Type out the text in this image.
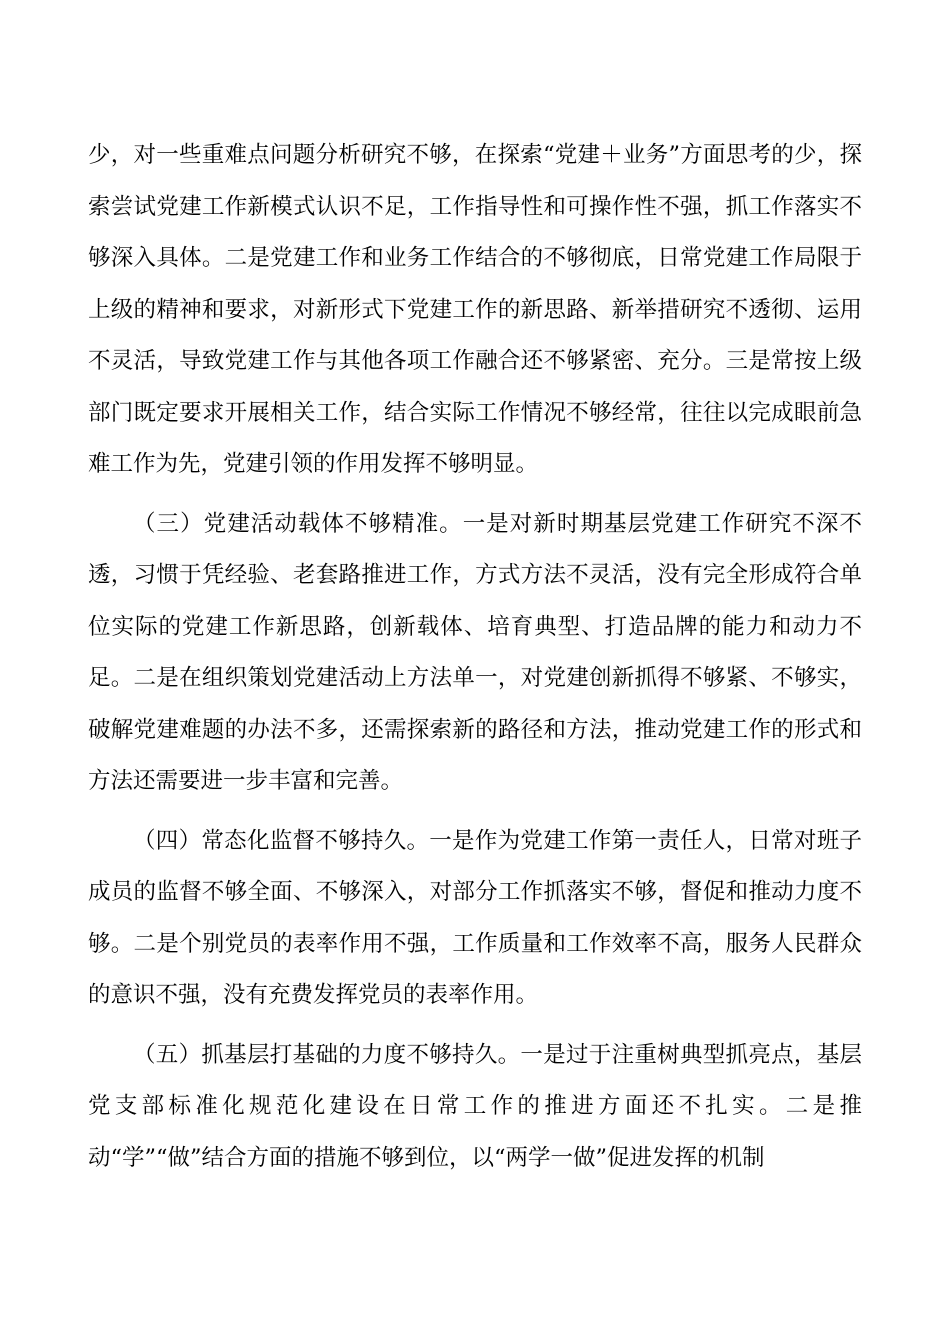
少，对一些重难点问题分析研究不够，在探索“党建＋业务”方面思考的少，探索尝试党建工作新模式认识不足，工作指导性和可操作性不强，抓工作落实不够深入具体。二是党建工作和业务工作结合的不够彻底，日常党建工作局限于上级的精神和要求，对新形式下党建工作的新思路、新举措研究不透彻、运用不灵活，导致党建工作与其他各项工作融合还不够紧密、充分。三是常按上级部门既定要求开展相关工作，结合实际工作情况不够经常，往往以完成眼前急难工作为先，党建引领的作用发挥不够明显。

（三）党建活动载体不够精准。一是对新时期基层党建工作研究不深不透，习惯于凭经验、老套路推进工作，方式方法不灵活，没有完全形成符合单位实际的党建工作新思路，创新载体、培育典型、打造品牌的能力和动力不足。二是在组织策划党建活动上方法单一，对党建创新抓得不够紧、不够实，破解党建难题的办法不多，还需探索新的路径和方法，推动党建工作的形式和方法还需要进一步丰富和完善。

（四）常态化监督不够持久。一是作为党建工作第一责任人，日常对班子成员的监督不够全面、不够深入，对部分工作抓落实不够，督促和推动力度不够。二是个别党员的表率作用不强，工作质量和工作效率不高，服务人民群众的意识不强，没有充费发挥党员的表率作用。

（五）抓基层打基础的力度不够持久。一是过于注重树典型抓亮点，基层党支部标准化规范化建设在日常工作的推进方面还不扎实。二是推动“学”“做”结合方面的措施不够到位，以“两学一做”促进发挥的机制
